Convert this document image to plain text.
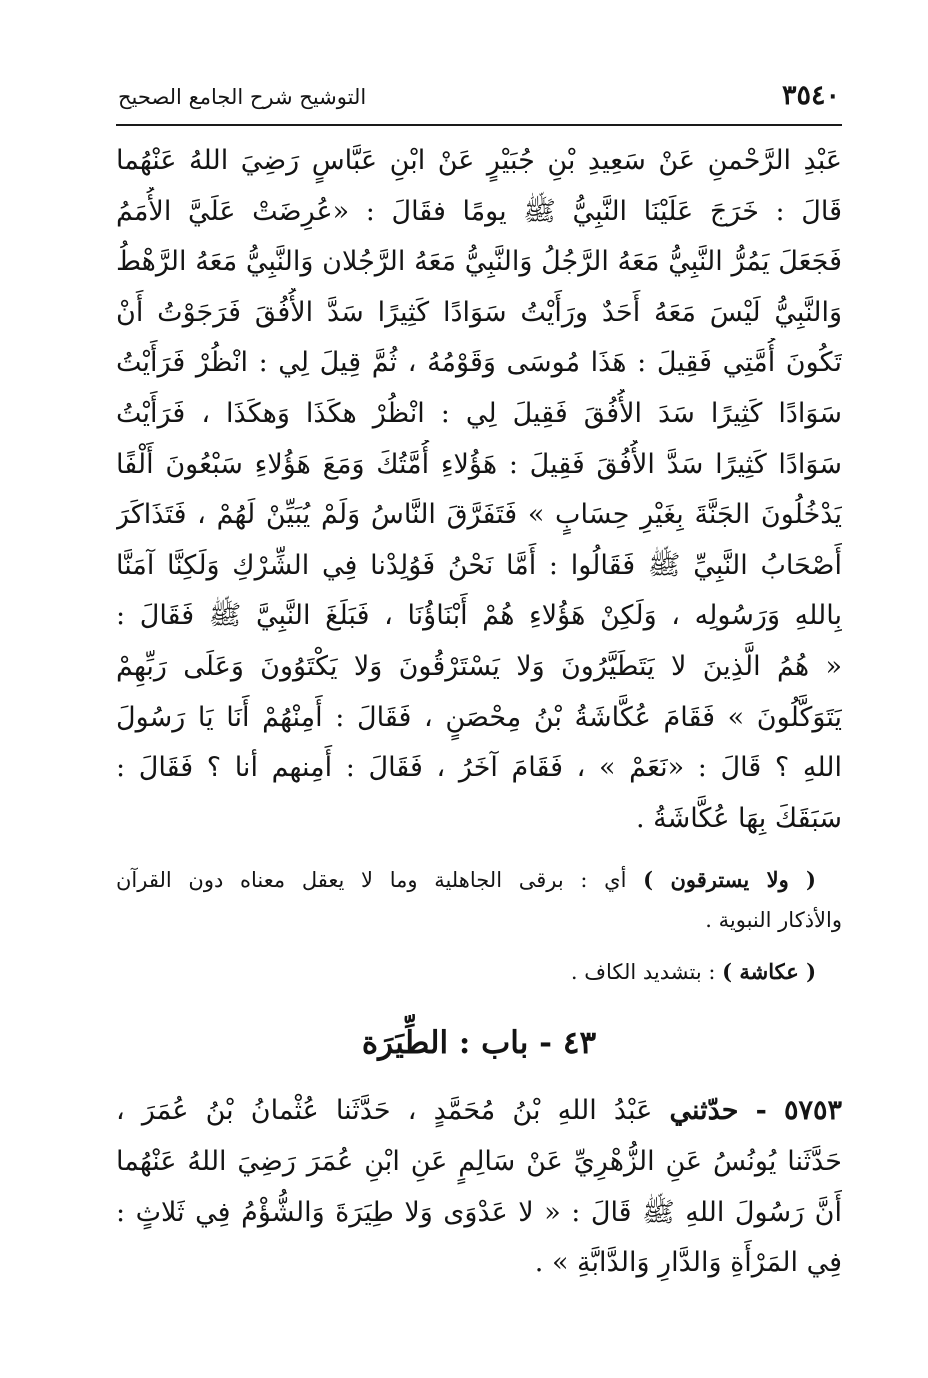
٣٥٤٠
التوشيح شرح الجامع الصحيح
عَبْدِ الرَّحْمنِ عَنْ سَعِيدِ بْنِ جُبَيْرٍ عَنْ ابْنِ عَبَّاسٍ رَضِيَ اللهُ عَنْهُما
قَالَ : خَرَجَ عَلَيْنَا النَّبِيُّ ﷺ يومًا فقَالَ : «عُرِضَتْ عَلَيَّ الأُمَمُ
فَجَعَلَ يَمُرُّ النَّبِيُّ مَعَهُ الرَّجُلُ وَالنَّبِيُّ مَعَهُ الرَّجُلان وَالنَّبِيُّ مَعَهُ الرَّهْطُ
وَالنَّبِيُّ لَيْسَ مَعَهُ أَحَدٌ ورَأَيْتُ سَوَادًا كَثِيرًا سَدَّ الأُفُقَ فَرَجَوْتُ أَنْ
تَكُونَ أُمَّتِي فَقِيلَ : هَذَا مُوسَى وَقَوْمُهُ ، ثُمَّ قِيلَ لِي : انْظُرْ فَرَأَيْتُ
سَوَادًا كَثِيرًا سَدَ الأُفُقَ فَقِيلَ لِي : انْظُرْ هكَذَا وَهكَذَا ، فَرَأَيْتُ
سَوَادًا كَثِيرًا سَدَّ الأُفُقَ فَقِيلَ : هَؤُلاءِ أُمَّتُكَ وَمَعَ هَؤُلاءِ سَبْعُونَ أَلْفًا
يَدْخُلُونَ الجَنَّةَ بِغَيْرِ حِسَابٍ » فَتَفَرَّقَ النَّاسُ وَلَمْ يُبَيِّنْ لَهُمْ ، فَتَذَاكَرَ
أَصْحَابُ النَّبِيِّ ﷺ فَقَالُوا : أَمَّا نَحْنُ فَوُلِدْنا فِي الشِّرْكِ وَلَكِنَّا آمَنَّا
بِاللهِ وَرَسُولِه ، وَلَكِنْ هَؤُلاءِ هُمْ أَبْنَاؤُنَا ، فَبَلَغَ النَّبِيَّ ﷺ فَقَالَ :
« هُمُ الَّذِينَ لا يَتَطَيَّرُونَ وَلا يَسْتَرْقُونَ وَلا يَكْتَوُونَ وَعَلَى رَبِّهِمْ
يَتَوَكَّلُونَ » فَقَامَ عُكَّاشَةُ بْنُ مِحْصَنٍ ، فَقَالَ : أَمِنْهُمْ أَنَا يَا رَسُولَ
اللهِ ؟ قَالَ : «نَعَمْ » ، فَقَامَ آخَرُ ، فَقَالَ : أَمِنهم أنا ؟ فَقَالَ :
سَبَقَكَ بِهَا عُكَّاشَةُ .
( ولا يسترقون ) أي : برقى الجاهلية وما لا يعقل معناه دون القرآن
والأذكار النبوية .
( عكاشة ) : بتشديد الكاف .
٤٣ - باب : الطِّيَرَة
٥٧٥٣ - حدّثني عَبْدُ اللهِ بْنُ مُحَمَّدٍ ، حَدَّثَنا عُثْمانُ بْنُ عُمَرَ ،
حَدَّثَنا يُونُسُ عَنِ الزُّهْرِيِّ عَنْ سَالِمٍ عَنِ ابْنِ عُمَرَ رَضِيَ اللهُ عَنْهُما
أَنَّ رَسُولَ اللهِ ﷺ قَالَ : « لا عَدْوَى وَلا طِيَرَةَ وَالشُّؤْمُ فِي ثَلاثٍ :
فِي المَرْأَةِ وَالدَّارِ وَالدَّابَّةِ » .
